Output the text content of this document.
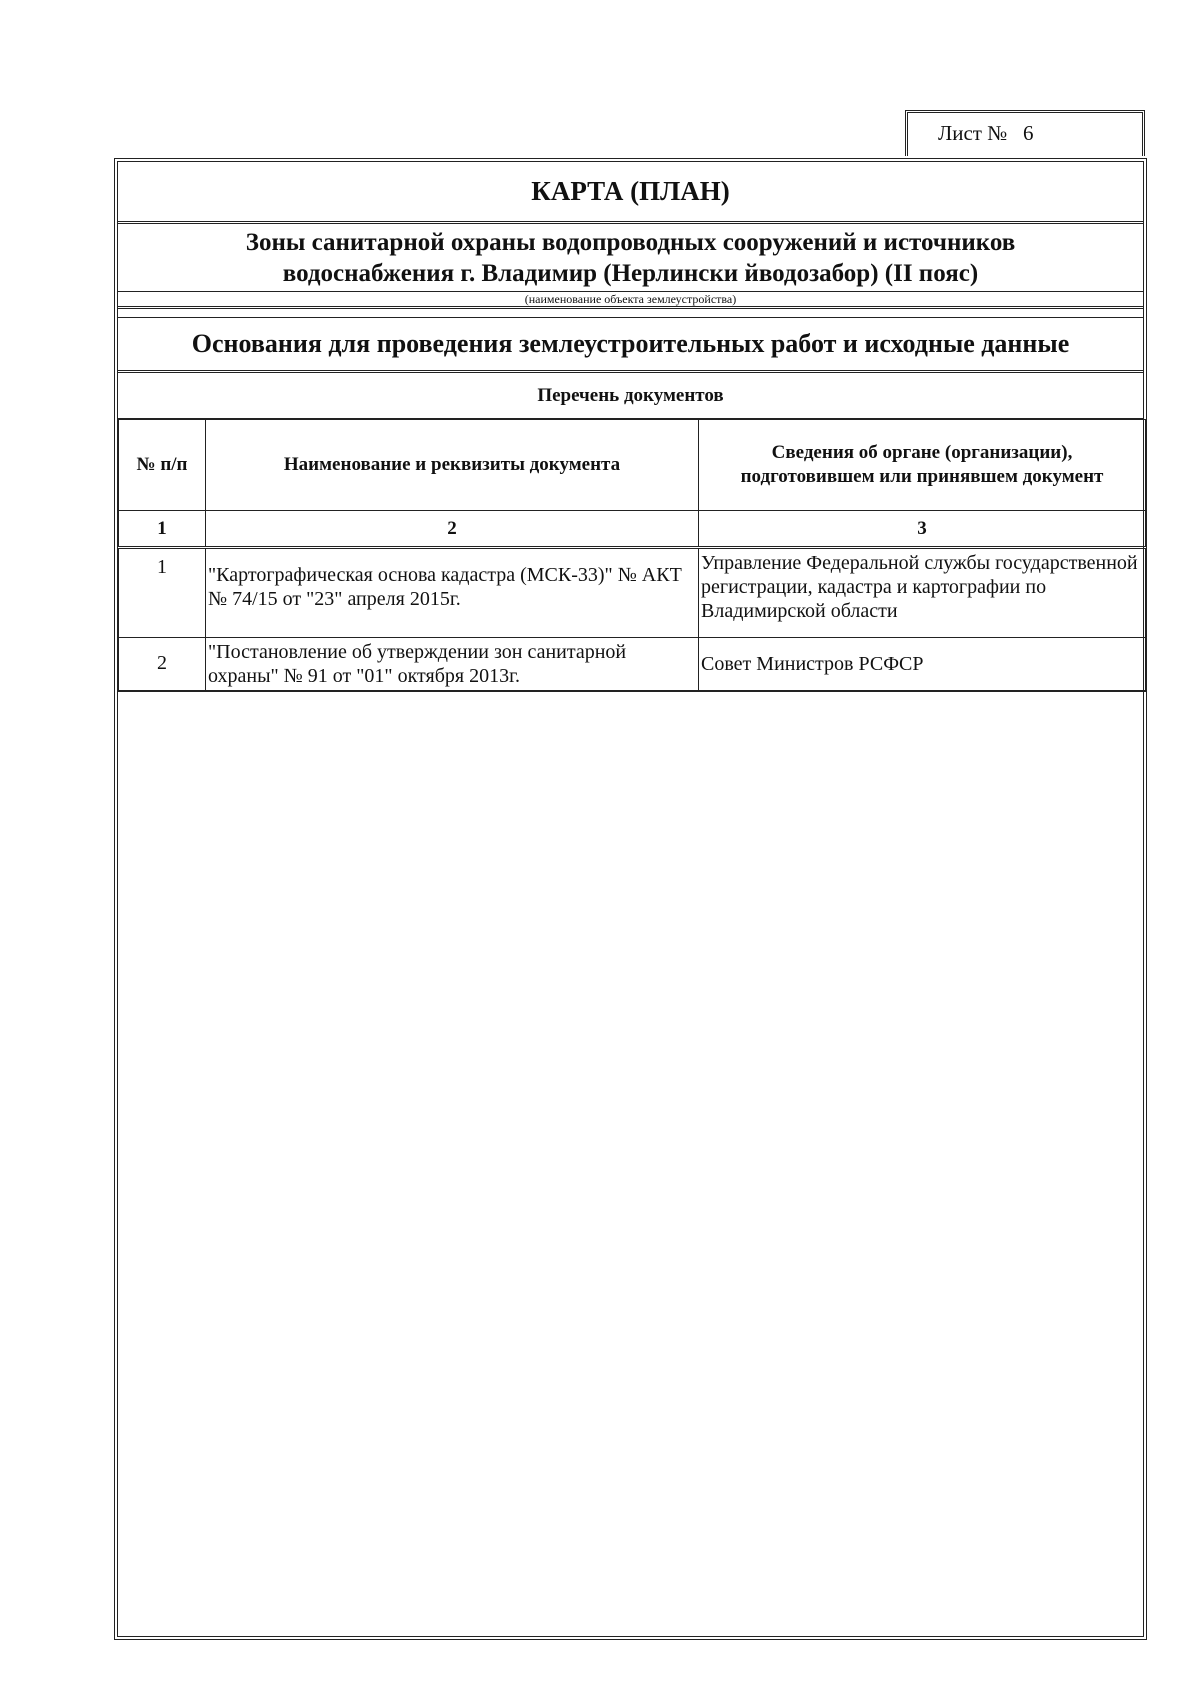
Лист № 6
КАРТА (ПЛАН)
Зоны санитарной охраны водопроводных сооружений и источников
водоснабжения г. Владимир (Нерлински йводозабор) (II пояс)
(наименование объекта землеустройства)
Основания для проведения землеустроительных работ и исходные данные
Перечень документов
№ п/п	Наименование и реквизиты документа	Сведения об органе (организации), подготовившем или принявшем документ
1	2	3
1	"Картографическая основа кадастра (МСК-33)" № АКТ № 74/15 от "23" апреля 2015г.	Управление Федеральной службы государственной регистрации, кадастра и картографии по Владимирской области
2	"Постановление об утверждении зон санитарной охраны" № 91 от "01" октября 2013г.	Совет Министров РСФСР
